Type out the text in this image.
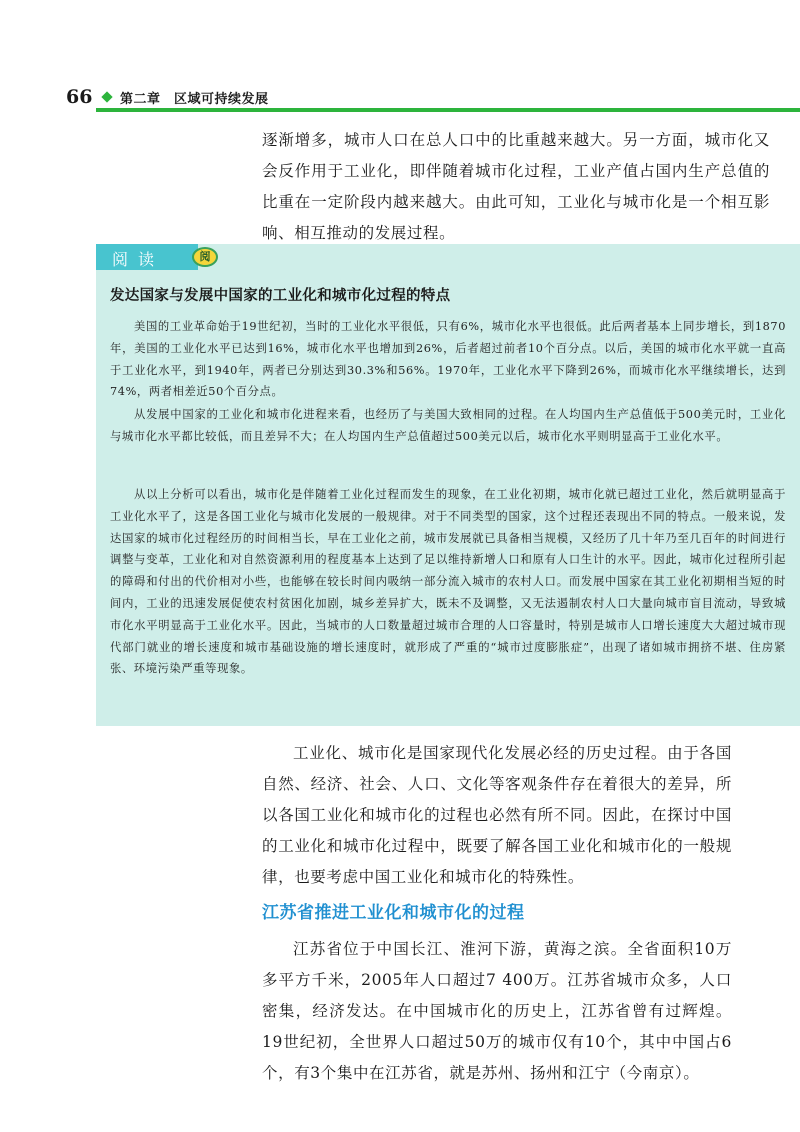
66 第二章　区域可持续发展

逐渐增多，城市人口在总人口中的比重越来越大。另一方面，城市化又会反作用于工业化，即伴随着城市化过程，工业产值占国内生产总值的比重在一定阶段内越来越大。由此可知，工业化与城市化是一个相互影响、相互推动的发展过程。

阅读	阅
发达国家与发展中国家的工业化和城市化过程的特点

美国的工业革命始于19世纪初，当时的工业化水平很低，只有6%，城市化水平也很低。此后两者基本上同步增长，到1870年，美国的工业化水平已达到16%，城市化水平也增加到26%，后者超过前者10个百分点。以后，美国的城市化水平就一直高于工业化水平，到1940年，两者已分别达到30.3%和56%。1970年，工业化水平下降到26%，而城市化水平继续增长，达到74%，两者相差近50个百分点。

从发展中国家的工业化和城市化进程来看，也经历了与美国大致相同的过程。在人均国内生产总值低于500美元时，工业化与城市化水平都比较低，而且差异不大；在人均国内生产总值超过500美元以后，城市化水平则明显高于工业化水平。

从以上分析可以看出，城市化是伴随着工业化过程而发生的现象，在工业化初期，城市化就已超过工业化，然后就明显高于工业化水平了，这是各国工业化与城市化发展的一般规律。对于不同类型的国家，这个过程还表现出不同的特点。一般来说，发达国家的城市化过程经历的时间相当长，早在工业化之前，城市发展就已具备相当规模，又经历了几十年乃至几百年的时间进行调整与变革，工业化和对自然资源利用的程度基本上达到了足以维持新增人口和原有人口生计的水平。因此，城市化过程所引起的障碍和付出的代价相对小些，也能够在较长时间内吸纳一部分流入城市的农村人口。而发展中国家在其工业化初期相当短的时间内，工业的迅速发展促使农村贫困化加剧，城乡差异扩大，既未不及调整，又无法遏制农村人口大量向城市盲目流动，导致城市化水平明显高于工业化水平。因此，当城市的人口数量超过城市合理的人口容量时，特别是城市人口增长速度大大超过城市现代部门就业的增长速度和城市基础设施的增长速度时，就形成了严重的“城市过度膨胀症”，出现了诸如城市拥挤不堪、住房紧张、环境污染严重等现象。

工业化、城市化是国家现代化发展必经的历史过程。由于各国自然、经济、社会、人口、文化等客观条件存在着很大的差异，所以各国工业化和城市化的过程也必然有所不同。因此，在探讨中国的工业化和城市化过程中，既要了解各国工业化和城市化的一般规律，也要考虑中国工业化和城市化的特殊性。

江苏省推进工业化和城市化的过程

江苏省位于中国长江、淮河下游，黄海之滨。全省面积10万多平方千米，2005年人口超过7 400万。江苏省城市众多，人口密集，经济发达。在中国城市化的历史上，江苏省曾有过辉煌。19世纪初，全世界人口超过50万的城市仅有10个，其中中国占6个，有3个集中在江苏省，就是苏州、扬州和江宁（今南京）。
